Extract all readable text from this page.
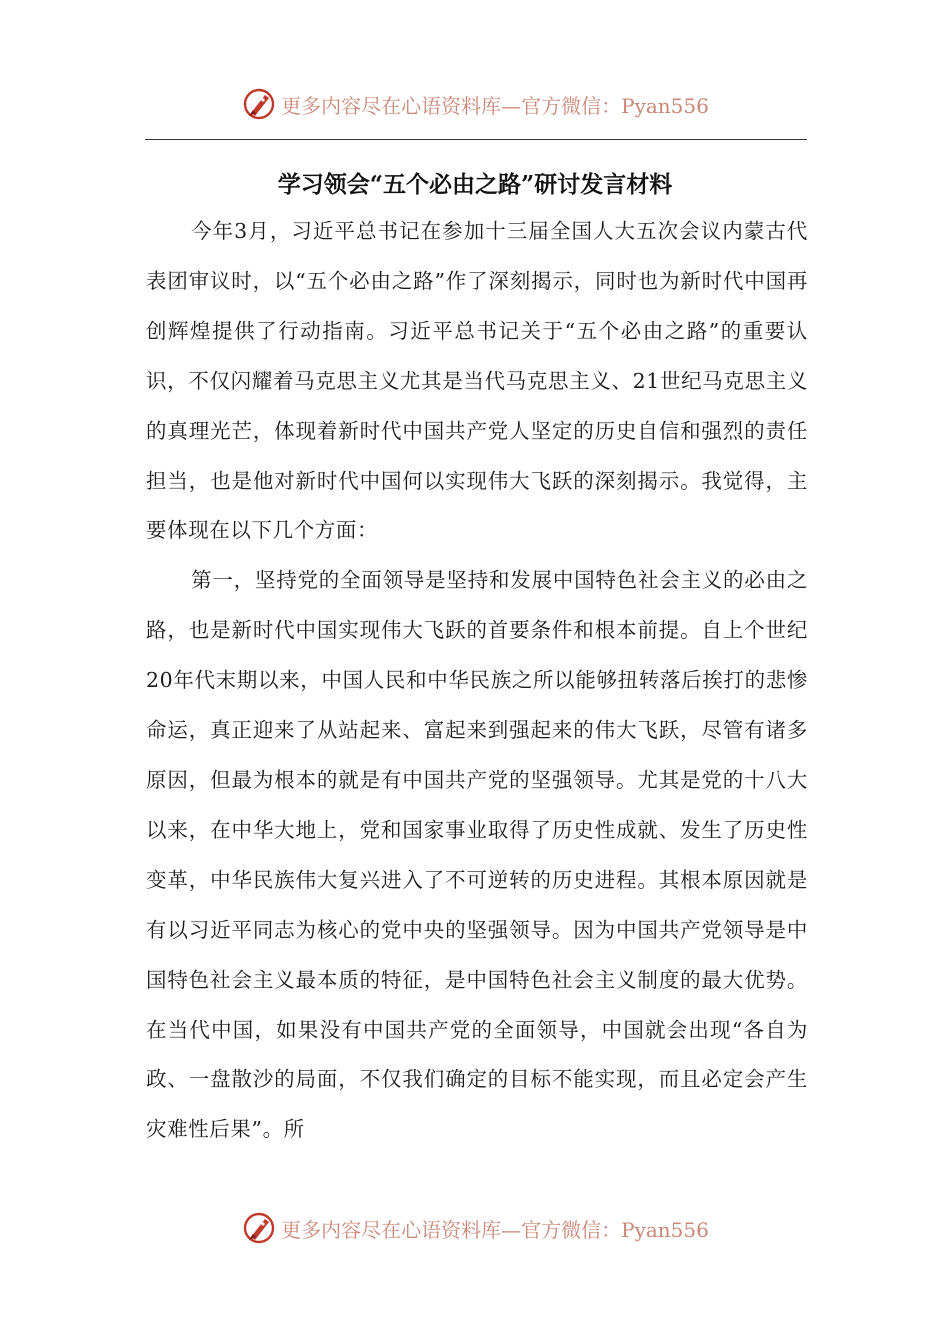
更多内容尽在心语资料库—官方微信：Pyan556
学习领会“五个必由之路”研讨发言材料

今年3月，习近平总书记在参加十三届全国人大五次会议内蒙古代表团审议时，以“五个必由之路”作了深刻揭示，同时也为新时代中国再创辉煌提供了行动指南。习近平总书记关于“五个必由之路”的重要认识，不仅闪耀着马克思主义尤其是当代马克思主义、21世纪马克思主义的真理光芒，体现着新时代中国共产党人坚定的历史自信和强烈的责任担当，也是他对新时代中国何以实现伟大飞跃的深刻揭示。我觉得，主要体现在以下几个方面：

第一，坚持党的全面领导是坚持和发展中国特色社会主义的必由之路，也是新时代中国实现伟大飞跃的首要条件和根本前提。自上个世纪20年代末期以来，中国人民和中华民族之所以能够扭转落后挨打的悲惨命运，真正迎来了从站起来、富起来到强起来的伟大飞跃，尽管有诸多原因，但最为根本的就是有中国共产党的坚强领导。尤其是党的十八大以来，在中华大地上，党和国家事业取得了历史性成就、发生了历史性变革，中华民族伟大复兴进入了不可逆转的历史进程。其根本原因就是有以习近平同志为核心的党中央的坚强领导。因为中国共产党领导是中国特色社会主义最本质的特征，是中国特色社会主义制度的最大优势。在当代中国，如果没有中国共产党的全面领导，中国就会出现“各自为政、一盘散沙的局面，不仅我们确定的目标不能实现，而且必定会产生灾难性后果”。所

更多内容尽在心语资料库—官方微信：Pyan556
